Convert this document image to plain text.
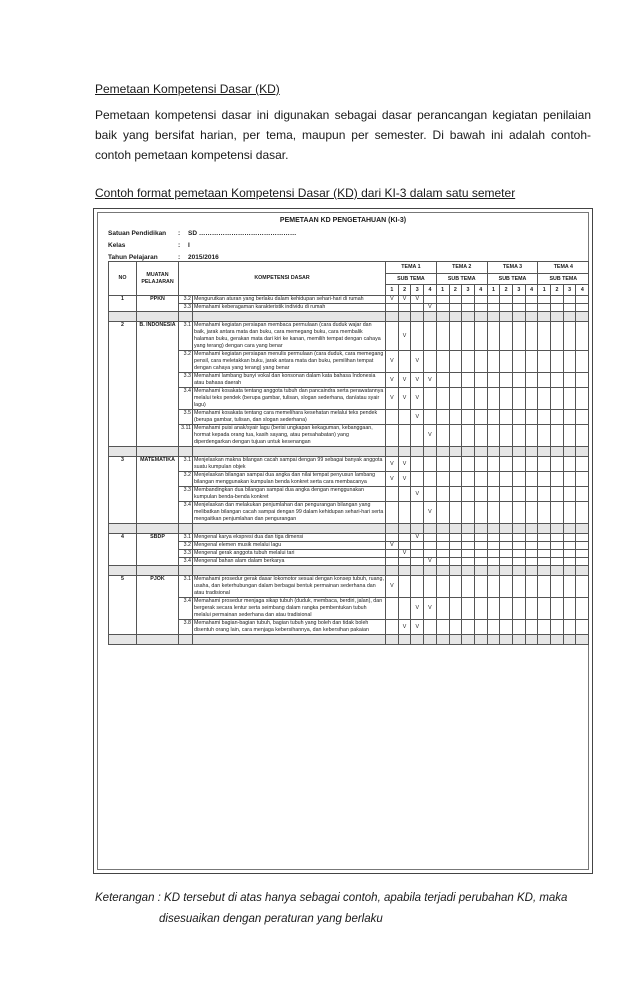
Pemetaan Kompetensi Dasar (KD)
Pemetaan kompetensi dasar ini digunakan sebagai dasar perancangan kegiatan penilaian baik yang bersifat harian, per tema, maupun per semester. Di bawah ini adalah contoh-contoh pemetaan kompetensi dasar.
Contoh format pemetaan Kompetensi Dasar (KD) dari KI-3 dalam satu semeter
PEMETAAN KD PENGETAHUAN (KI-3)
Satuan Pendidikan : SD ………………………………………
Kelas	: I
Tahun Pelajaran	: 2015/2016
NO	MUATAN PELAJARAN	KOMPETENSI DASAR		TEMA 1				TEMA 2				TEMA 3				TEMA 4			
				SUB TEMA				SUB TEMA				SUB TEMA				SUB TEMA			
				1	2	3	4	1	2	3	4	1	2	3	4	1	2	3	4
1	PPKN	3.2	Mengurutkan aturan yang berlaku dalam kehidupan sehari-hari di rumah	V	V	V													
		3.3	Memahami keberagaman karakteristik individu di rumah				V												

2	B. INDONESIA	3.1	Memahami kegiatan persiapan membaca permulaan (cara duduk wajar dan baik, jarak antara mata dan buku, cara memegang buku, cara membalik halaman buku, gerakan mata dari kiri ke kanan, memilih tempat dengan cahaya yang terang) dengan cara yang benar		V														
		3.2	Memahami kegiatan persiapan menulis permulaan (cara duduk, cara memegang pensil, cara meletakkan buku, jarak antara mata dan buku, pemilihan tempat dengan cahaya yang terang) yang benar	V		V													
		3.3	Memahami lambang bunyi vokal dan konsonan dalam kata bahasa Indonesia atau bahasa daerah	V	V	V	V												
		3.4	Memahami kosakata tentang anggota tubuh dan pancaindra serta perawatannya melalui teks pendek (berupa gambar, tulisan, slogan sederhana, dan/atau syair lagu)	V	V	V													
		3.5	Memahami kosakata tentang cara memelihara kesehatan melalui teks pendek (berupa gambar, tulisan, dan slogan sederhana)			V													
		3.11	Memahami puisi anak/syair lagu (berisi ungkapan kekaguman, kebanggaan, hormat kepada orang tua, kasih sayang, atau persahabatan) yang diperdengarkan dengan tujuan untuk kesenangan				V												

3	MATEMATIKA	3.1	Menjelaskan makna bilangan cacah sampai dengan 99 sebagai banyak anggota suatu kumpulan objek	V	V														
		3.2	Menjelaskan bilangan sampai dua angka dan nilai tempat penyusun lambang bilangan menggunakan kumpulan benda konkret serta cara membacanya	V	V														
		3.3	Membandingkan dua bilangan sampai dua angka dengan menggunakan kumpulan benda-benda konkret			V													
		3.4	Menjelaskan dan melakukan penjumlahan dan pengurangan bilangan yang melibatkan bilangan cacah sampai dengan 99 dalam kehidupan sehari-hari serta mengaitkan penjumlahan dan pengurangan				V												

4	SBDP	3.1	Mengenal karya ekspresi dua dan tiga dimensi			V													
		3.2	Mengenal elemen musik melalui lagu	V															
		3.3	Mengenal gerak anggota tubuh melalui tari		V														
		3.4	Mengenal bahan alam dalam berkarya				V												

5	PJOK	3.1	Memahami prosedur gerak dasar lokomotor sesuai dengan konsep tubuh, ruang, usaha, dan keterhubungan dalam berbagai bentuk permainan sederhana dan atau tradisional	V															
		3.4	Memahami prosedur menjaga sikap tubuh (duduk, membaca, berdiri, jalan), dan bergerak secara lentur serta seimbang dalam rangka pembentukan tubuh melalui permainan sederhana dan atau tradisional			V	V												
		3.8	Memahami bagian-bagian tubuh, bagian tubuh yang boleh dan tidak boleh disentuh orang lain, cara menjaga kebersihannya, dan kebersihan pakaian		V	V													

Keterangan : KD tersebut di atas hanya sebagai contoh, apabila terjadi perubahan KD, maka
disesuaikan dengan peraturan yang berlaku
